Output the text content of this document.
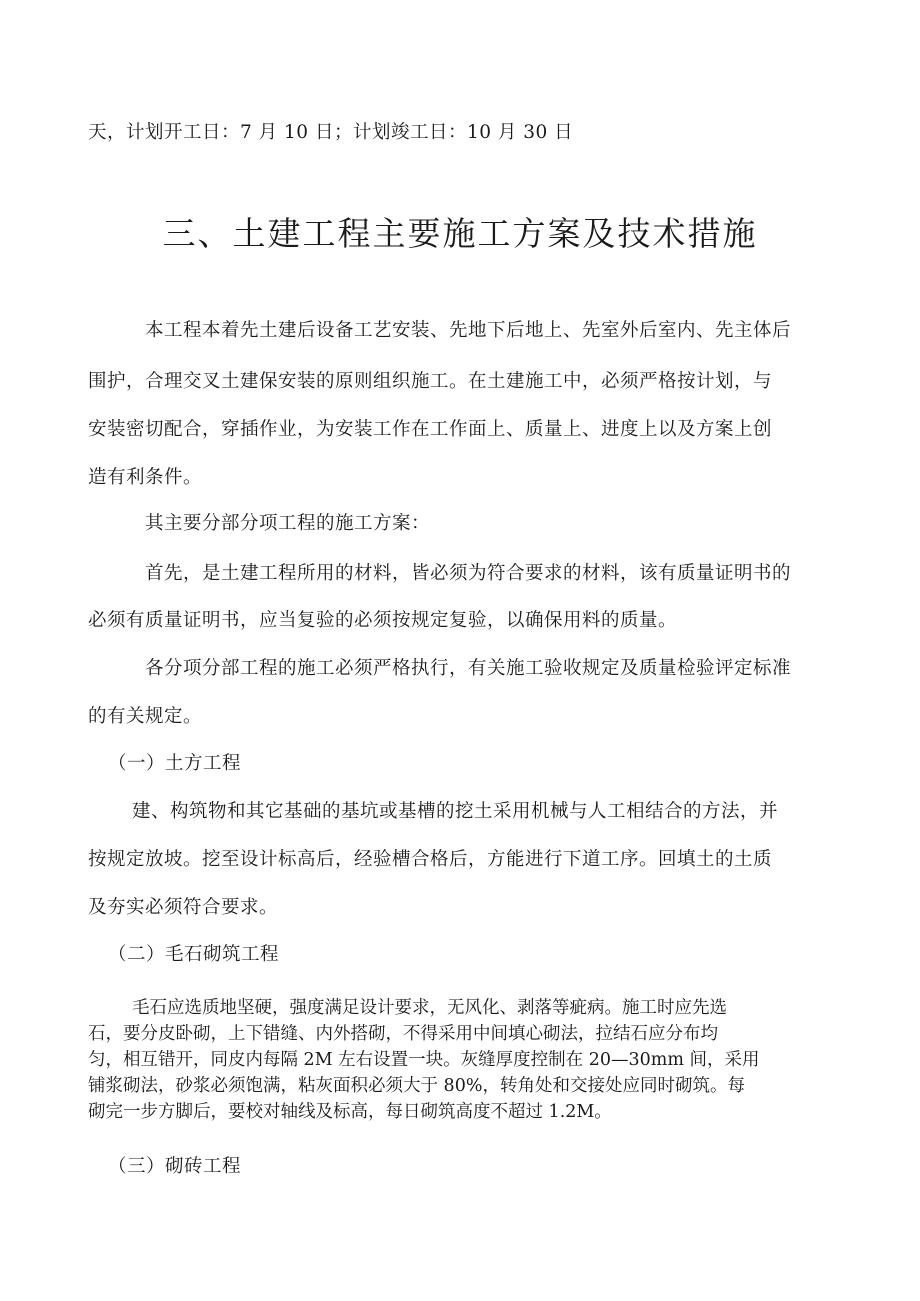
天，计划开工日：7 月 10 日；计划竣工日：10 月 30 日
三、土建工程主要施工方案及技术措施
本工程本着先土建后设备工艺安装、先地下后地上、先室外后室内、先主体后
围护，合理交叉土建保安装的原则组织施工。在土建施工中，必须严格按计划，与
安装密切配合，穿插作业，为安装工作在工作面上、质量上、进度上以及方案上创
造有利条件。
其主要分部分项工程的施工方案：
首先，是土建工程所用的材料，皆必须为符合要求的材料，该有质量证明书的
必须有质量证明书，应当复验的必须按规定复验，以确保用料的质量。
各分项分部工程的施工必须严格执行，有关施工验收规定及质量检验评定标准
的有关规定。
（一）土方工程
建、构筑物和其它基础的基坑或基槽的挖土采用机械与人工相结合的方法，并
按规定放坡。挖至设计标高后，经验槽合格后，方能进行下道工序。回填土的土质
及夯实必须符合要求。
（二）毛石砌筑工程
毛石应选质地坚硬，强度满足设计要求，无风化、剥落等疵病。施工时应先选
石，要分皮卧砌，上下错缝、内外搭砌，不得采用中间填心砌法，拉结石应分布均
匀，相互错开，同皮内每隔 2M 左右设置一块。灰缝厚度控制在 20—30mm 间，采用
铺浆砌法，砂浆必须饱满，粘灰面积必须大于 80%，转角处和交接处应同时砌筑。每
砌完一步方脚后，要校对轴线及标高，每日砌筑高度不超过 1.2M。
（三）砌砖工程
